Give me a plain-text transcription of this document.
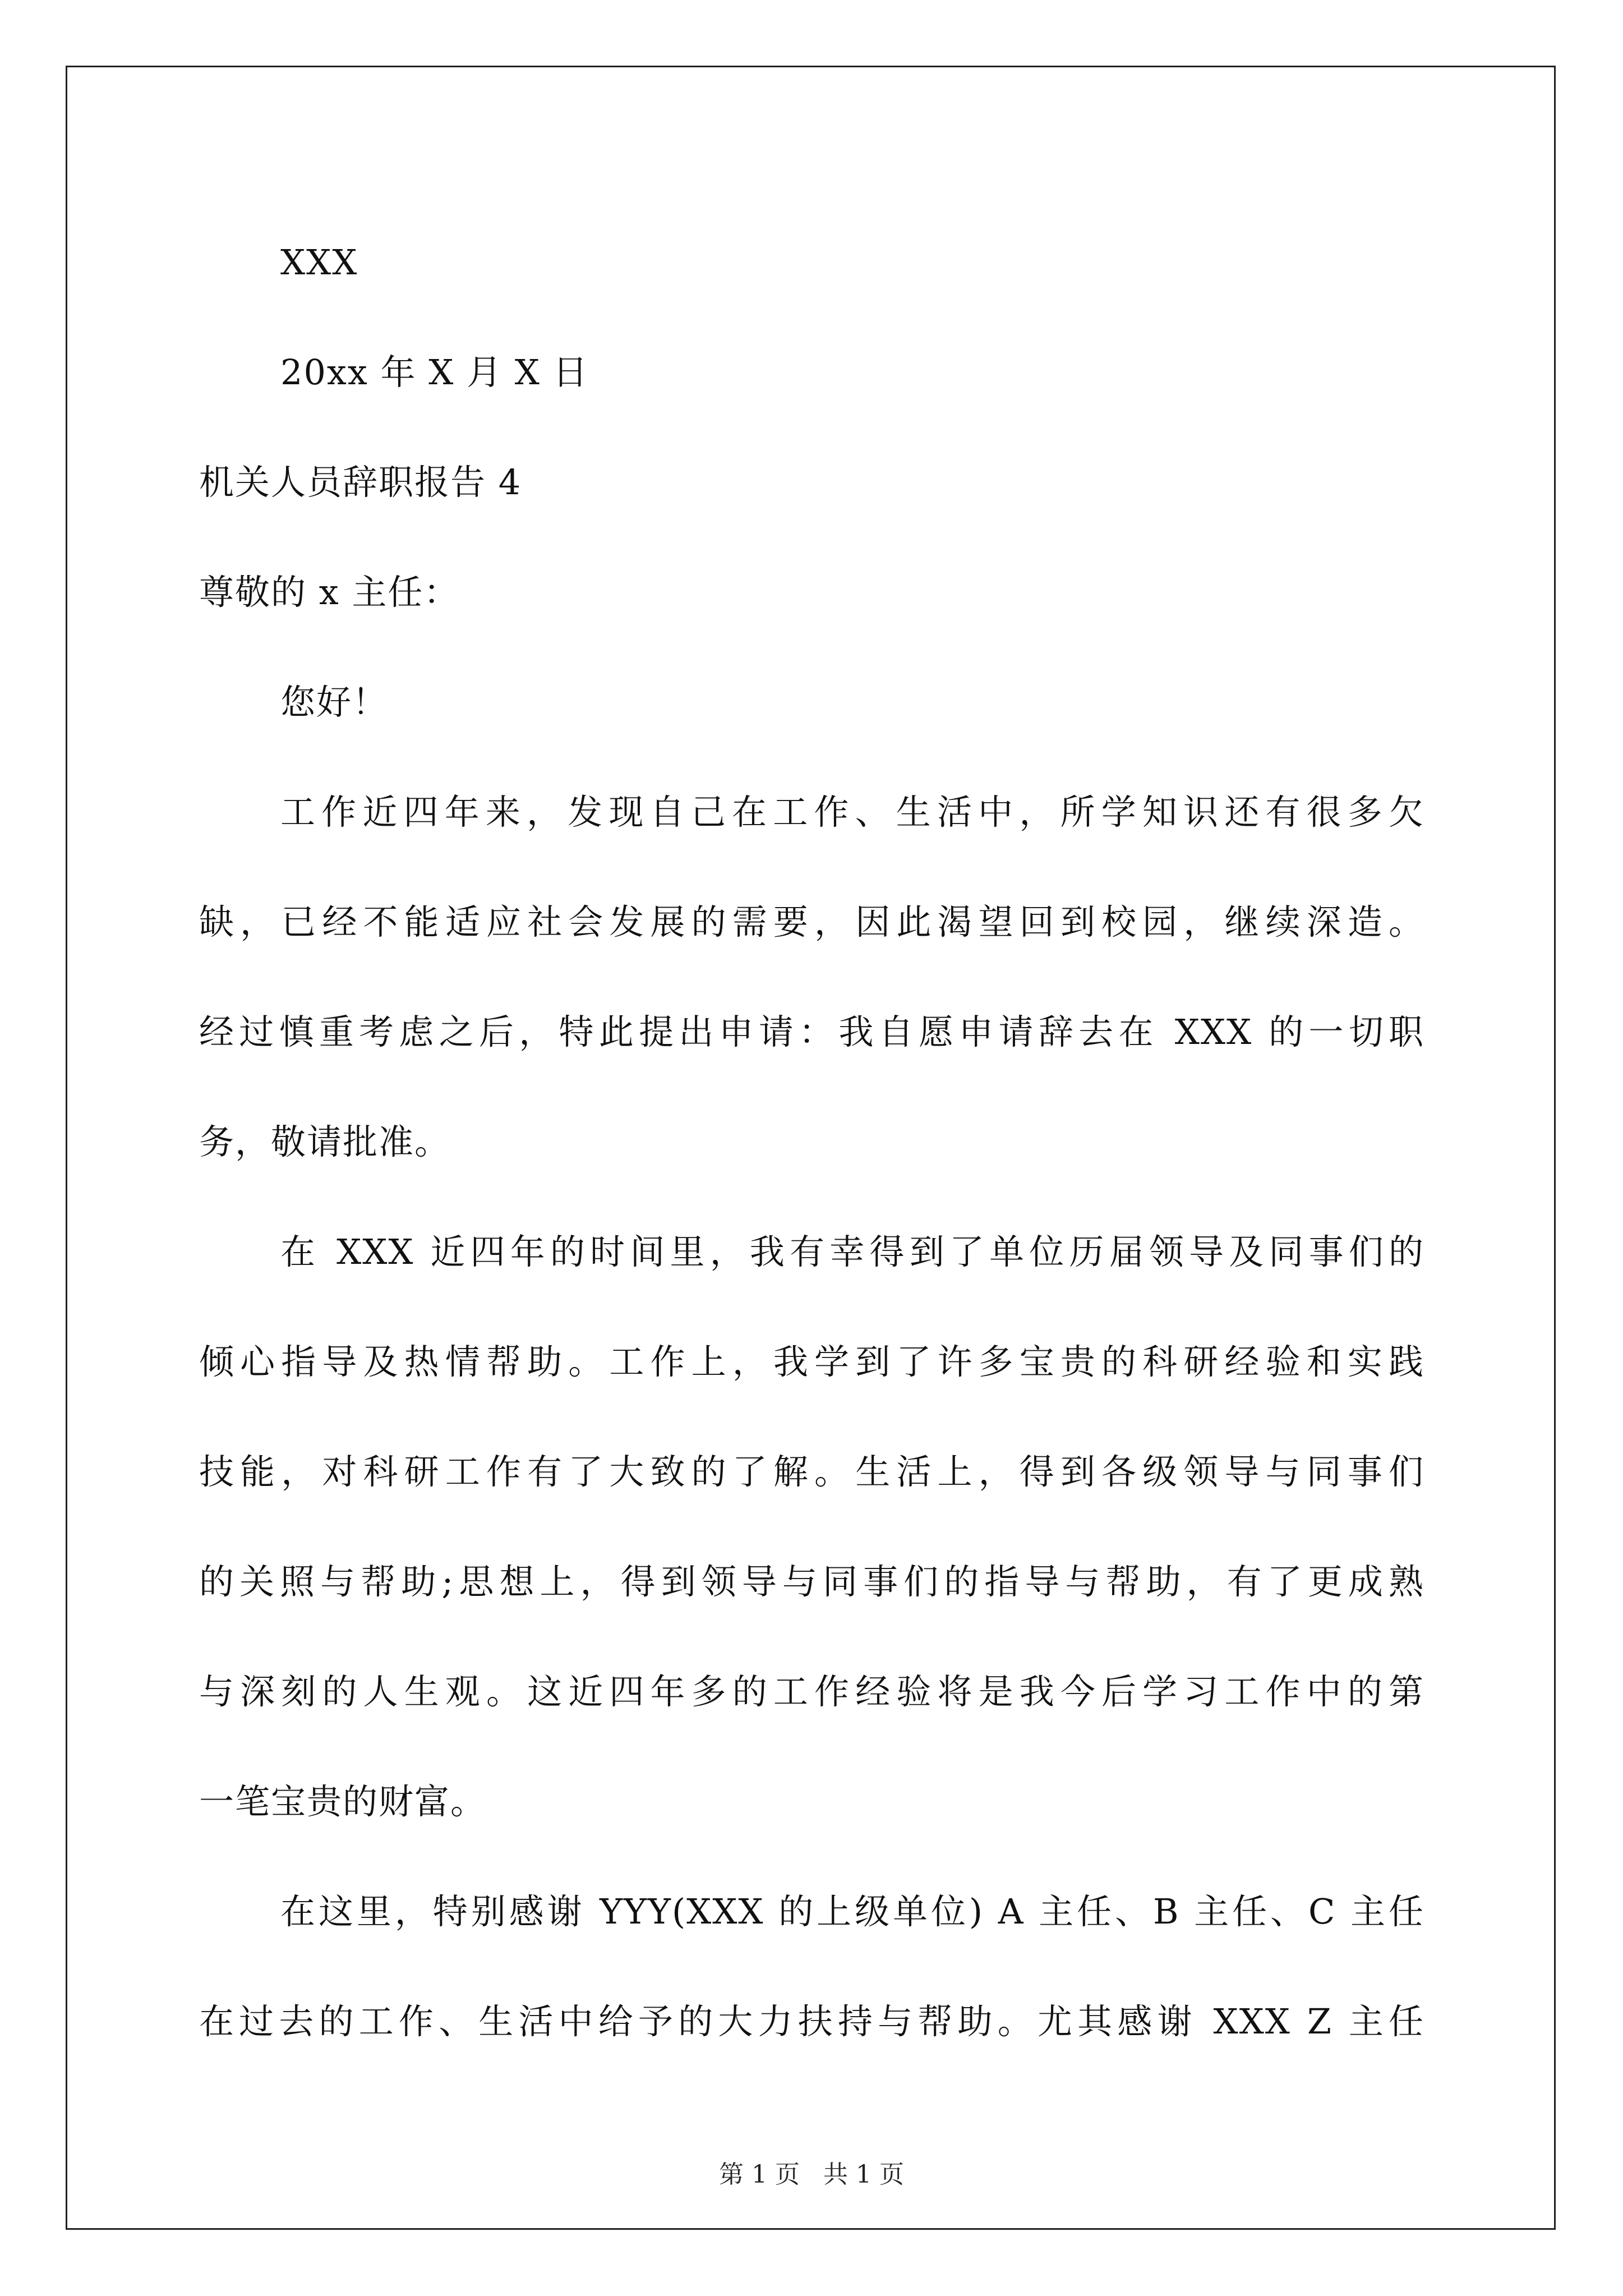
XXX
20xx 年 X 月 X 日
机关人员辞职报告 4
尊敬的 x 主任：
您好！
工作近四年来，发现自己在工作、生活中，所学知识还有很多欠
缺，已经不能适应社会发展的需要，因此渴望回到校园，继续深造。
经过慎重考虑之后，特此提出申请：我自愿申请辞去在 XXX 的一切职
务，敬请批准。
在 XXX 近四年的时间里，我有幸得到了单位历届领导及同事们的
倾心指导及热情帮助。工作上，我学到了许多宝贵的科研经验和实践
技能，对科研工作有了大致的了解。生活上，得到各级领导与同事们
的关照与帮助;思想上，得到领导与同事们的指导与帮助，有了更成熟
与深刻的人生观。这近四年多的工作经验将是我今后学习工作中的第
一笔宝贵的财富。
在这里，特别感谢 YYY(XXX 的上级单位) A 主任、B 主任、C 主任
在过去的工作、生活中给予的大力扶持与帮助。尤其感谢 XXX Z 主任
第 1 页 共 1 页
